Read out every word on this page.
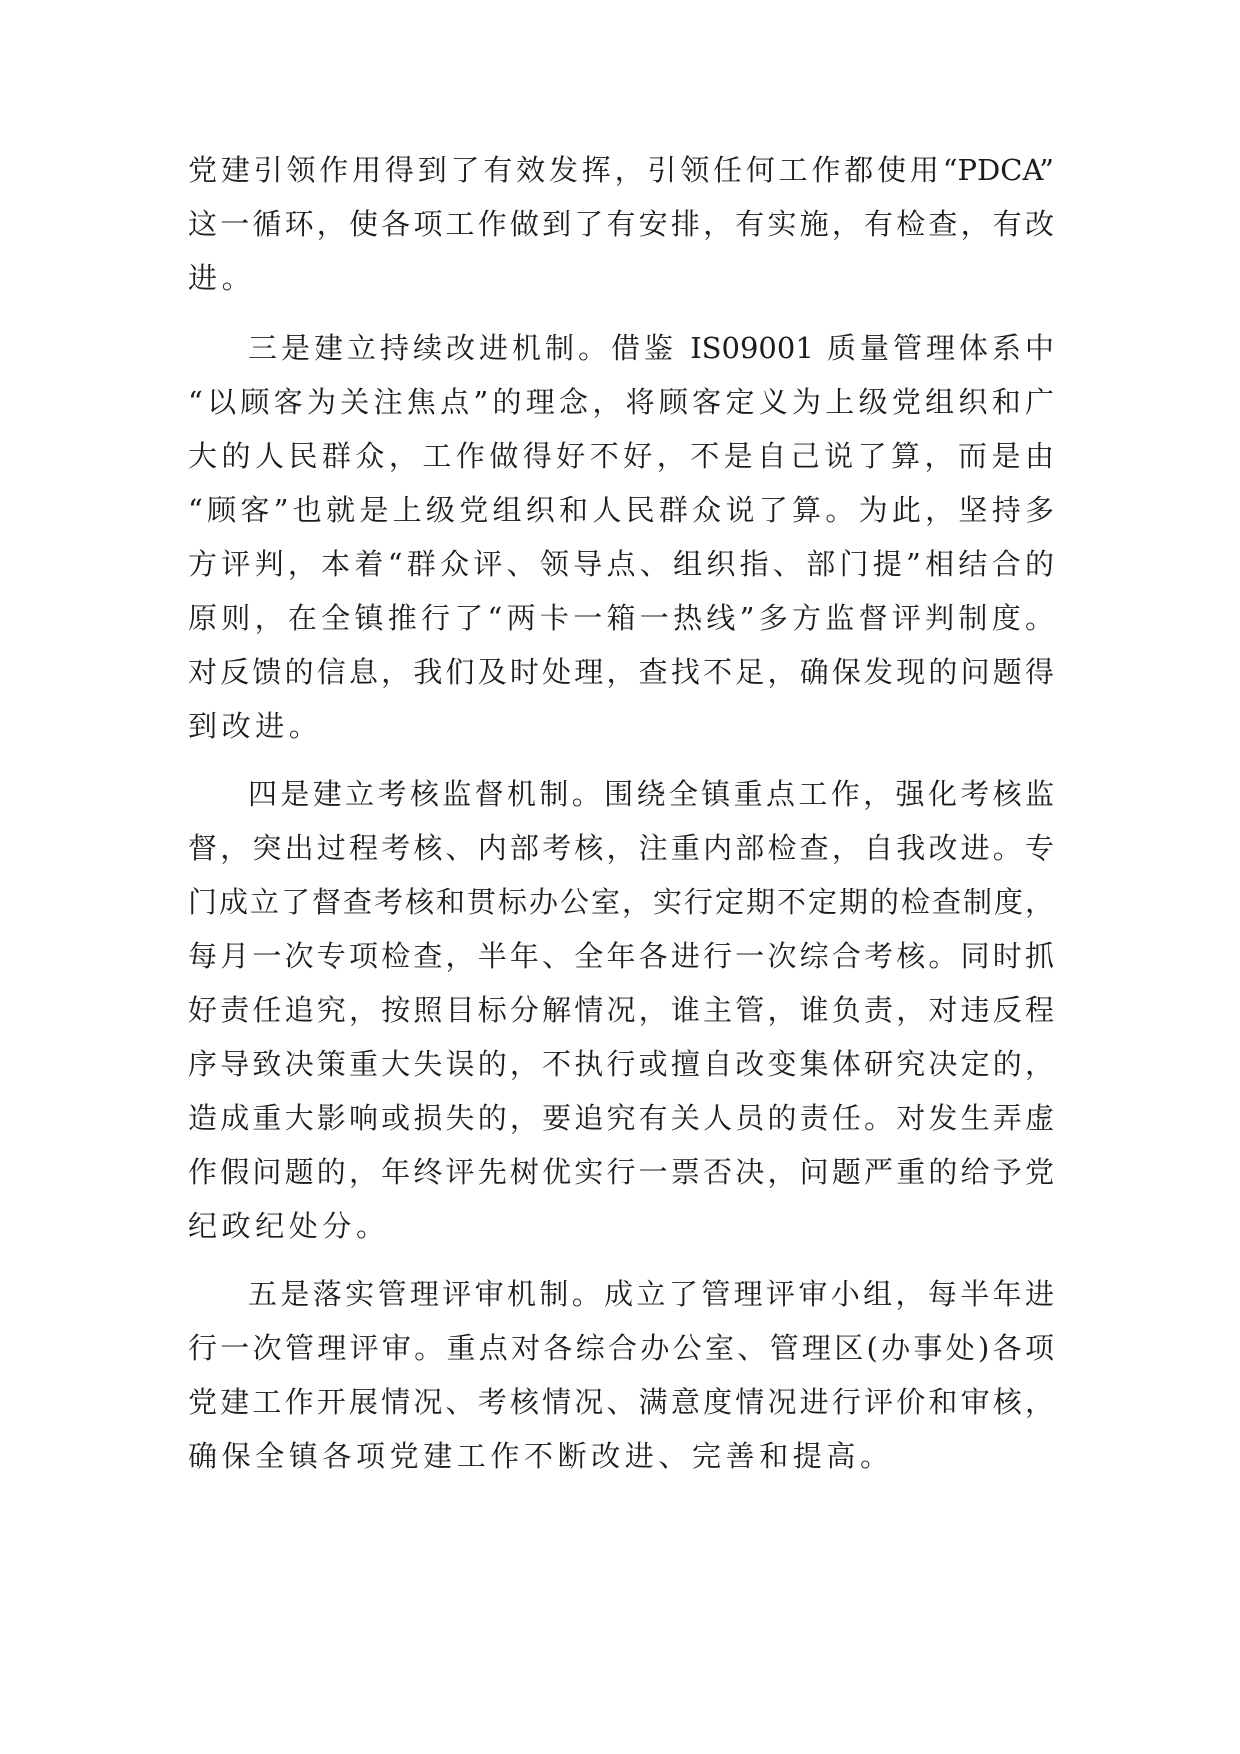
党建引领作用得到了有效发挥，引领任何工作都使用“PDCA”
这一循环，使各项工作做到了有安排，有实施，有检查，有改
进。
三是建立持续改进机制。借鉴 IS09001 质量管理体系中
“以顾客为关注焦点”的理念，将顾客定义为上级党组织和广
大的人民群众，工作做得好不好，不是自己说了算，而是由
“顾客”也就是上级党组织和人民群众说了算。为此，坚持多
方评判，本着“群众评、领导点、组织指、部门提”相结合的
原则，在全镇推行了“两卡一箱一热线”多方监督评判制度。
对反馈的信息，我们及时处理，查找不足，确保发现的问题得
到改进。
四是建立考核监督机制。围绕全镇重点工作，强化考核监
督，突出过程考核、内部考核，注重内部检查，自我改进。专
门成立了督查考核和贯标办公室，实行定期不定期的检查制度，
每月一次专项检查，半年、全年各进行一次综合考核。同时抓
好责任追究，按照目标分解情况，谁主管，谁负责，对违反程
序导致决策重大失误的，不执行或擅自改变集体研究决定的，
造成重大影响或损失的，要追究有关人员的责任。对发生弄虚
作假问题的，年终评先树优实行一票否决，问题严重的给予党
纪政纪处分。
五是落实管理评审机制。成立了管理评审小组，每半年进
行一次管理评审。重点对各综合办公室、管理区(办事处)各项
党建工作开展情况、考核情况、满意度情况进行评价和审核，
确保全镇各项党建工作不断改进、完善和提高。
